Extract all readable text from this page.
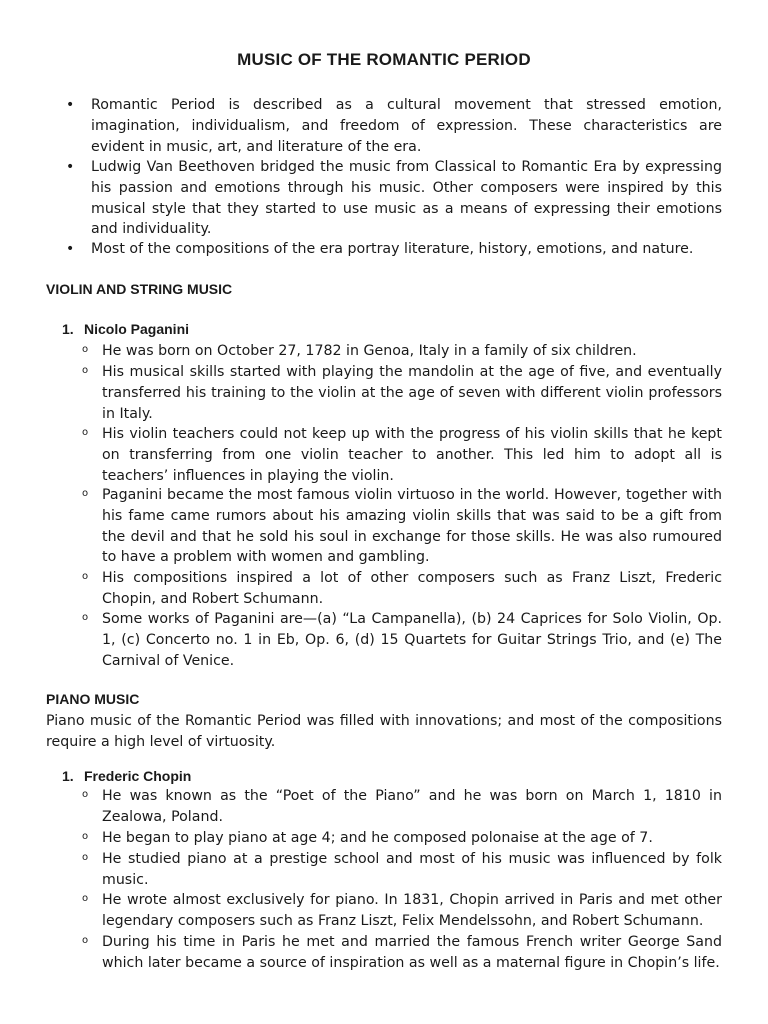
MUSIC OF THE ROMANTIC PERIOD
• Romantic Period is described as a cultural movement that stressed emotion, imagination, individualism, and freedom of expression. These characteristics are evident in music, art, and literature of the era.
• Ludwig Van Beethoven bridged the music from Classical to Romantic Era by expressing his passion and emotions through his music. Other composers were inspired by this musical style that they started to use music as a means of expressing their emotions and individuality.
• Most of the compositions of the era portray literature, history, emotions, and nature.
VIOLIN AND STRING MUSIC
1. Nicolo Paganini
o He was born on October 27, 1782 in Genoa, Italy in a family of six children.
o His musical skills started with playing the mandolin at the age of five, and eventually transferred his training to the violin at the age of seven with different violin professors in Italy.
o His violin teachers could not keep up with the progress of his violin skills that he kept on transferring from one violin teacher to another. This led him to adopt all is teachers’ influences in playing the violin.
o Paganini became the most famous violin virtuoso in the world. However, together with his fame came rumors about his amazing violin skills that was said to be a gift from the devil and that he sold his soul in exchange for those skills. He was also rumoured to have a problem with women and gambling.
o His compositions inspired a lot of other composers such as Franz Liszt, Frederic Chopin, and Robert Schumann.
o Some works of Paganini are—(a) “La Campanella), (b) 24 Caprices for Solo Violin, Op. 1, (c) Concerto no. 1 in Eb, Op. 6, (d) 15 Quartets for Guitar Strings Trio, and (e) The Carnival of Venice.
PIANO MUSIC
Piano music of the Romantic Period was filled with innovations; and most of the compositions require a high level of virtuosity.
1. Frederic Chopin
o He was known as the “Poet of the Piano” and he was born on March 1, 1810 in Zealowa, Poland.
o He began to play piano at age 4; and he composed polonaise at the age of 7.
o He studied piano at a prestige school and most of his music was influenced by folk music.
o He wrote almost exclusively for piano. In 1831, Chopin arrived in Paris and met other legendary composers such as Franz Liszt, Felix Mendelssohn, and Robert Schumann.
o During his time in Paris he met and married the famous French writer George Sand which later became a source of inspiration as well as a maternal figure in Chopin’s life.
